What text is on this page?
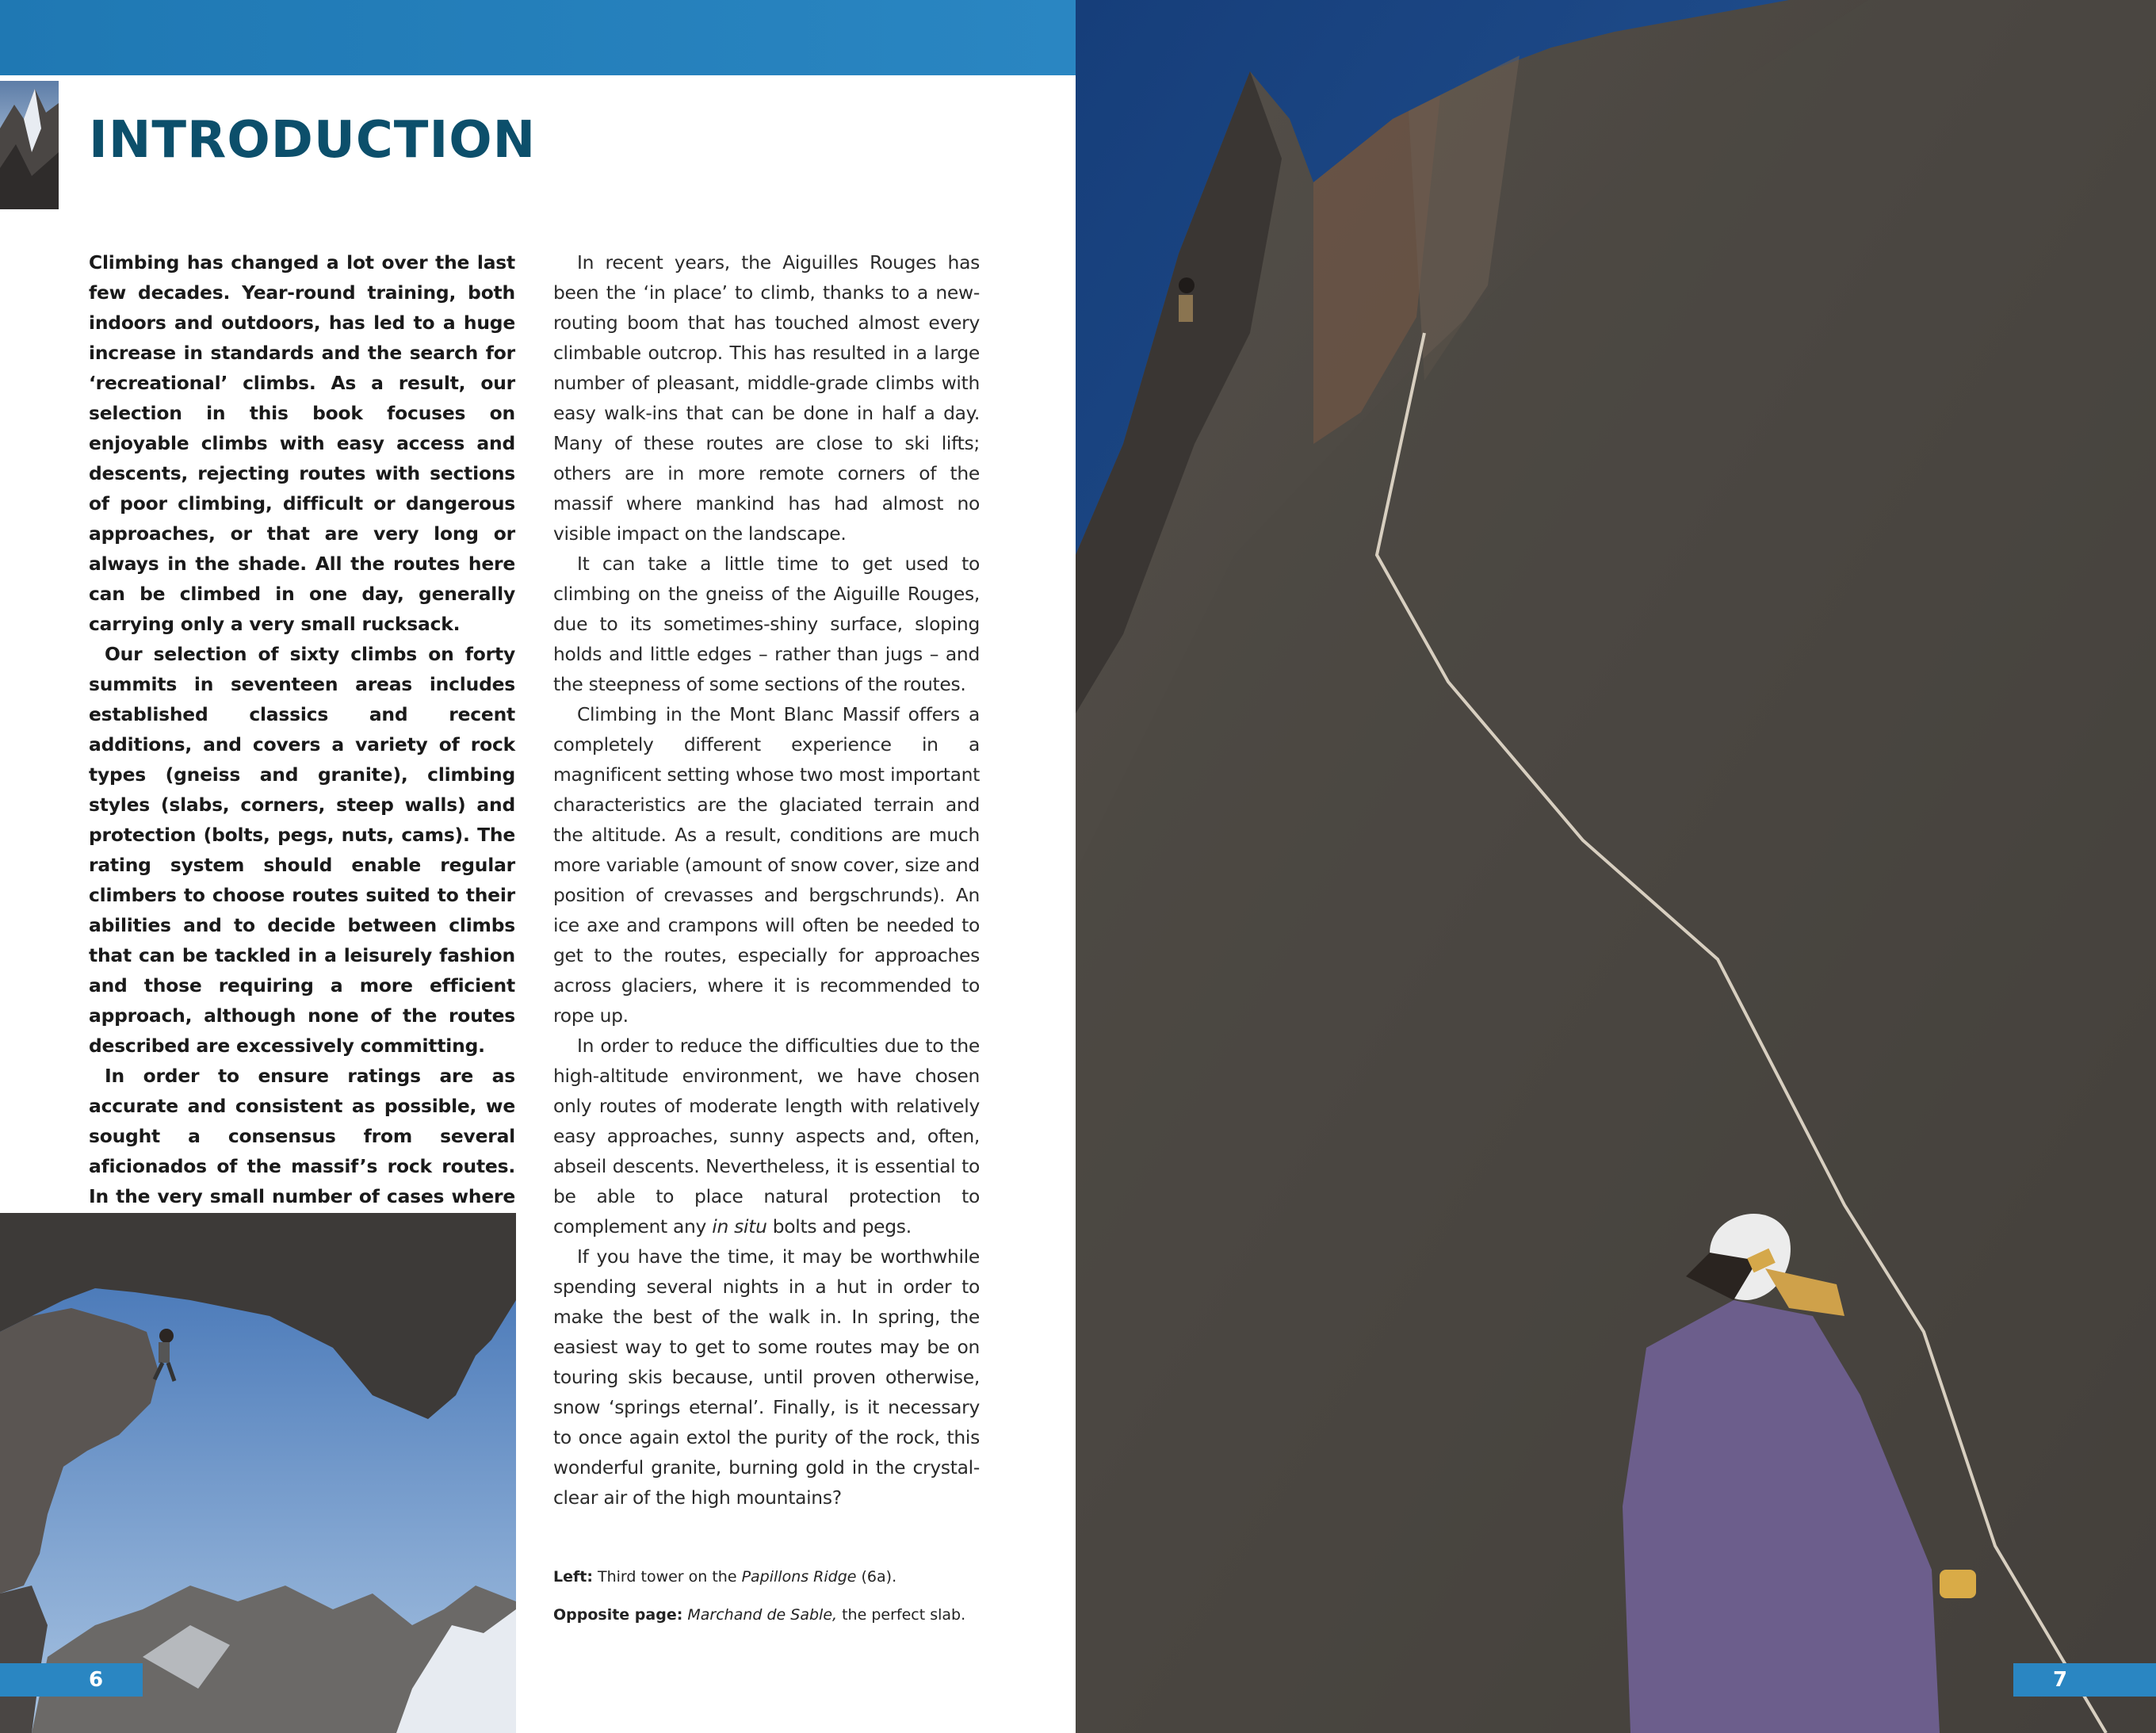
INTRODUCTION

Climbing has changed a lot over the last few decades. Year-round training, both indoors and outdoors, has led to a huge increase in standards and the search for ‘recreational’ climbs. As a result, our selection in this book focuses on enjoyable climbs with easy access and descents, rejecting routes with sections of poor climbing, difficult or dangerous approaches, or that are very long or always in the shade. All the routes here can be climbed in one day, generally carrying only a very small rucksack.

Our selection of sixty climbs on forty summits in seventeen areas includes established classics and recent additions, and covers a variety of rock types (gneiss and granite), climbing styles (slabs, corners, steep walls) and protection (bolts, pegs, nuts, cams). The rating system should enable regular climbers to choose routes suited to their abilities and to decide between climbs that can be tackled in a leisurely fashion and those requiring a more efficient approach, although none of the routes described are excessively committing.

In order to ensure ratings are as accurate and consistent as possible, we sought a consensus from several aficionados of the massif’s rock routes. In the very small number of cases where

In recent years, the Aiguilles Rouges has been the ‘in place’ to climb, thanks to a new-routing boom that has touched almost every climbable outcrop. This has resulted in a large number of pleasant, middle-grade climbs with easy walk-ins that can be done in half a day. Many of these routes are close to ski lifts; others are in more remote corners of the massif where mankind has had almost no visible impact on the landscape.

It can take a little time to get used to climbing on the gneiss of the Aiguille Rouges, due to its sometimes-shiny surface, sloping holds and little edges – rather than jugs – and the steepness of some sections of the routes.

Climbing in the Mont Blanc Massif offers a completely different experience in a magnificent setting whose two most important characteristics are the glaciated terrain and the altitude. As a result, conditions are much more variable (amount of snow cover, size and position of crevasses and bergschrunds). An ice axe and crampons will often be needed to get to the routes, especially for approaches across glaciers, where it is recommended to rope up.

In order to reduce the difficulties due to the high-altitude environment, we have chosen only routes of moderate length with relatively easy approaches, sunny aspects and, often, abseil descents. Nevertheless, it is essential to be able to place natural protection to complement any in situ bolts and pegs.

If you have the time, it may be worthwhile spending several nights in a hut in order to make the best of the walk in. In spring, the easiest way to get to some routes may be on touring skis because, until proven otherwise, snow ‘springs eternal’. Finally, is it necessary to once again extol the purity of the rock, this wonderful granite, burning gold in the crystal-clear air of the high mountains?

Left: Third tower on the Papillons Ridge (6a).
Opposite page: Marchand de Sable, the perfect slab.
6	7
